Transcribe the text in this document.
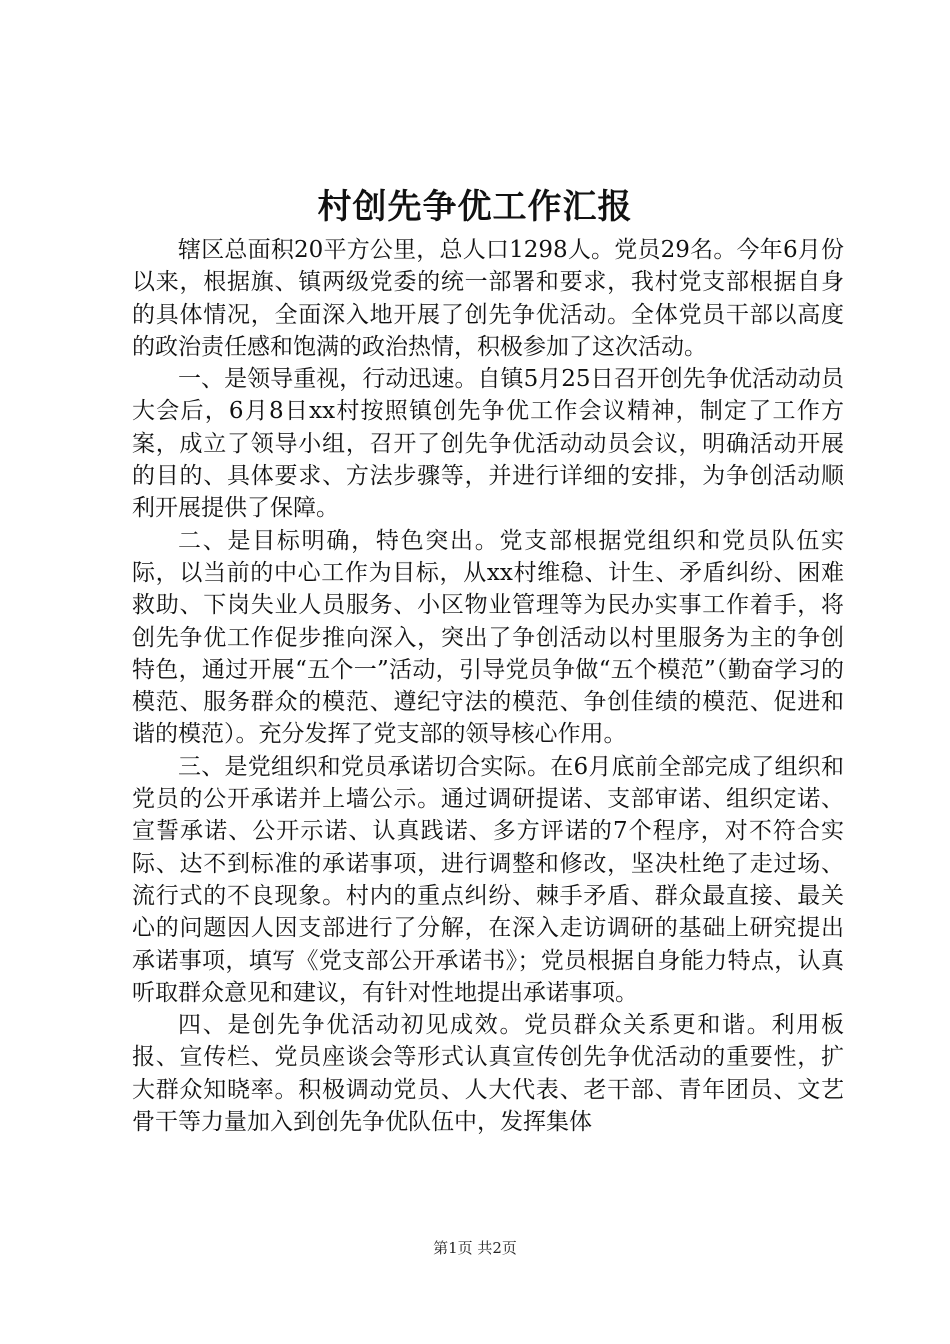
村创先争优工作汇报

辖区总面积20平方公里，总人口1298人。党员29名。今年6月份以来，根据旗、镇两级党委的统一部署和要求，我村党支部根据自身的具体情况，全面深入地开展了创先争优活动。全体党员干部以高度的政治责任感和饱满的政治热情，积极参加了这次活动。

一、是领导重视，行动迅速。自镇5月25日召开创先争优活动动员大会后，6月8日xx村按照镇创先争优工作会议精神，制定了工作方案，成立了领导小组，召开了创先争优活动动员会议，明确活动开展的目的、具体要求、方法步骤等，并进行详细的安排，为争创活动顺利开展提供了保障。

二、是目标明确，特色突出。党支部根据党组织和党员队伍实际，以当前的中心工作为目标，从xx村维稳、计生、矛盾纠纷、困难救助、下岗失业人员服务、小区物业管理等为民办实事工作着手，将创先争优工作促步推向深入，突出了争创活动以村里服务为主的争创特色，通过开展“五个一”活动，引导党员争做“五个模范”（勤奋学习的模范、服务群众的模范、遵纪守法的模范、争创佳绩的模范、促进和谐的模范）。充分发挥了党支部的领导核心作用。

三、是党组织和党员承诺切合实际。在6月底前全部完成了组织和党员的公开承诺并上墙公示。通过调研提诺、支部审诺、组织定诺、宣誓承诺、公开示诺、认真践诺、多方评诺的7个程序，对不符合实际、达不到标准的承诺事项，进行调整和修改，坚决杜绝了走过场、流行式的不良现象。村内的重点纠纷、棘手矛盾、群众最直接、最关心的问题因人因支部进行了分解，在深入走访调研的基础上研究提出承诺事项，填写《党支部公开承诺书》；党员根据自身能力特点，认真听取群众意见和建议，有针对性地提出承诺事项。

四、是创先争优活动初见成效。党员群众关系更和谐。利用板报、宣传栏、党员座谈会等形式认真宣传创先争优活动的重要性，扩大群众知晓率。积极调动党员、人大代表、老干部、青年团员、文艺骨干等力量加入到创先争优队伍中，发挥集体

第1页 共2页
